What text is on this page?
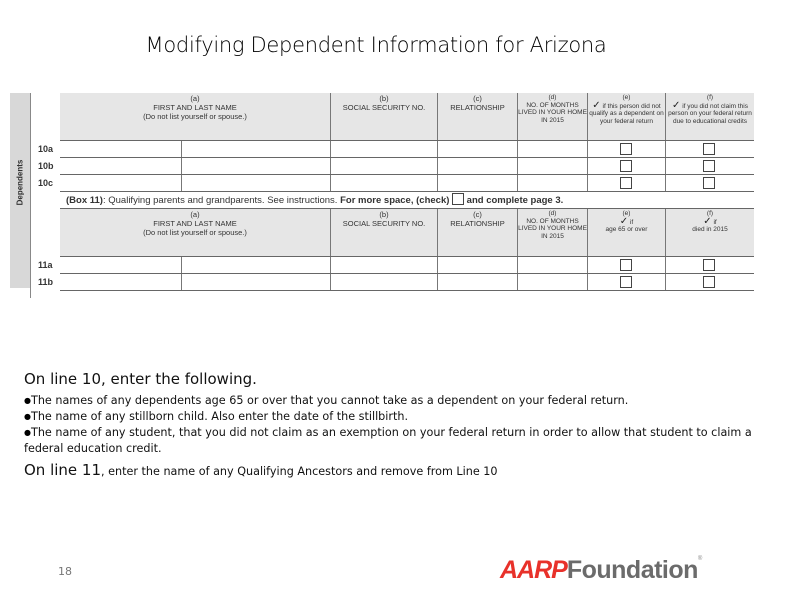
Modifying Dependent Information for Arizona
Dependents
(a)
FIRST AND LAST NAME
(Do not list yourself or spouse.)
(b)
SOCIAL SECURITY NO.
(c)
RELATIONSHIP
(d)
NO. OF MONTHS LIVED IN YOUR HOME IN 2015
(e)
✓ if this person did not qualify as a dependent on your federal return
(f)
✓ if you did not claim this person on your federal return due to educational credits
10a
10b
10c
(Box 11): Qualifying parents and grandparents. See instructions. For more space, (check) and complete page 3.
(a)
FIRST AND LAST NAME
(Do not list yourself or spouse.)
(b)
SOCIAL SECURITY NO.
(c)
RELATIONSHIP
(d)
NO. OF MONTHS LIVED IN YOUR HOME IN 2015
(e)
✓ if
age 65 or over
(f)
✓ if
died in 2015
11a
11b
On line 10, enter the following.
●The names of any dependents age 65 or over that you cannot take as a dependent on your federal return.
●The name of any stillborn child. Also enter the date of the stillbirth.
●The name of any student, that you did not claim as an exemption on your federal return in order to allow that student to claim a federal education credit.
On line 11, enter the name of any Qualifying Ancestors and remove from Line 10
18	AARPFoundation®
